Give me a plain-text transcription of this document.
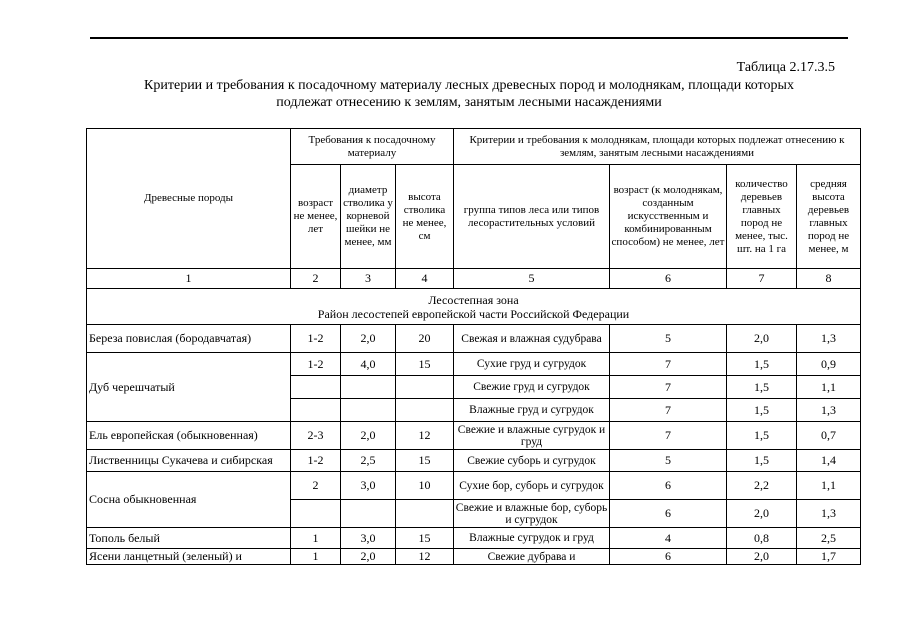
Таблица 2.17.3.5
Критерии и требования к посадочному материалу лесных древесных пород и молоднякам, площади которых
подлежат отнесению к землям, занятым лесными насаждениями
Древесные породы	Требования к посадочному материалу			Критерии и требования к молоднякам, площади которых подлежат отнесению к землям, занятым лесными насаждениями			
	возраст не менее, лет	диаметр стволика у корневой шейки не менее, мм	высота стволика не менее, см	группа типов леса или типов лесорастительных условий	возраст (к молоднякам, созданным искусственным и комбинированным способом) не менее, лет	количество деревьев главных пород не менее, тыс. шт. на 1 га	средняя высота деревьев главных пород не менее, м
1	2	3	4	5	6	7	8

Лесостепная зона
Район лесостепей европейской части Российской Федерации							

Береза повислая (бородавчатая)	1-2	2,0	20	Свежая и влажная судубрава	5	2,0	1,3
Дуб черешчатый	1-2	4,0	15	Сухие груд и сугрудок	7	1,5	0,9
				Свежие груд и сугрудок	7	1,5	1,1
				Влажные груд и сугрудок	7	1,5	1,3
Ель европейская (обыкновенная)	2-3	2,0	12	Свежие и влажные сугрудок и груд	7	1,5	0,7
Лиственницы Сукачева и сибирская	1-2	2,5	15	Свежие суборь и сугрудок	5	1,5	1,4
Сосна обыкновенная	2	3,0	10	Сухие бор, суборь и сугрудок	6	2,2	1,1
				Свежие и влажные бор, суборь и сугрудок	6	2,0	1,3
Тополь белый	1	3,0	15	Влажные сугрудок и груд	4	0,8	2,5
Ясени ланцетный (зеленый) и	1	2,0	12	Свежие дубрава и	6	2,0	1,7
